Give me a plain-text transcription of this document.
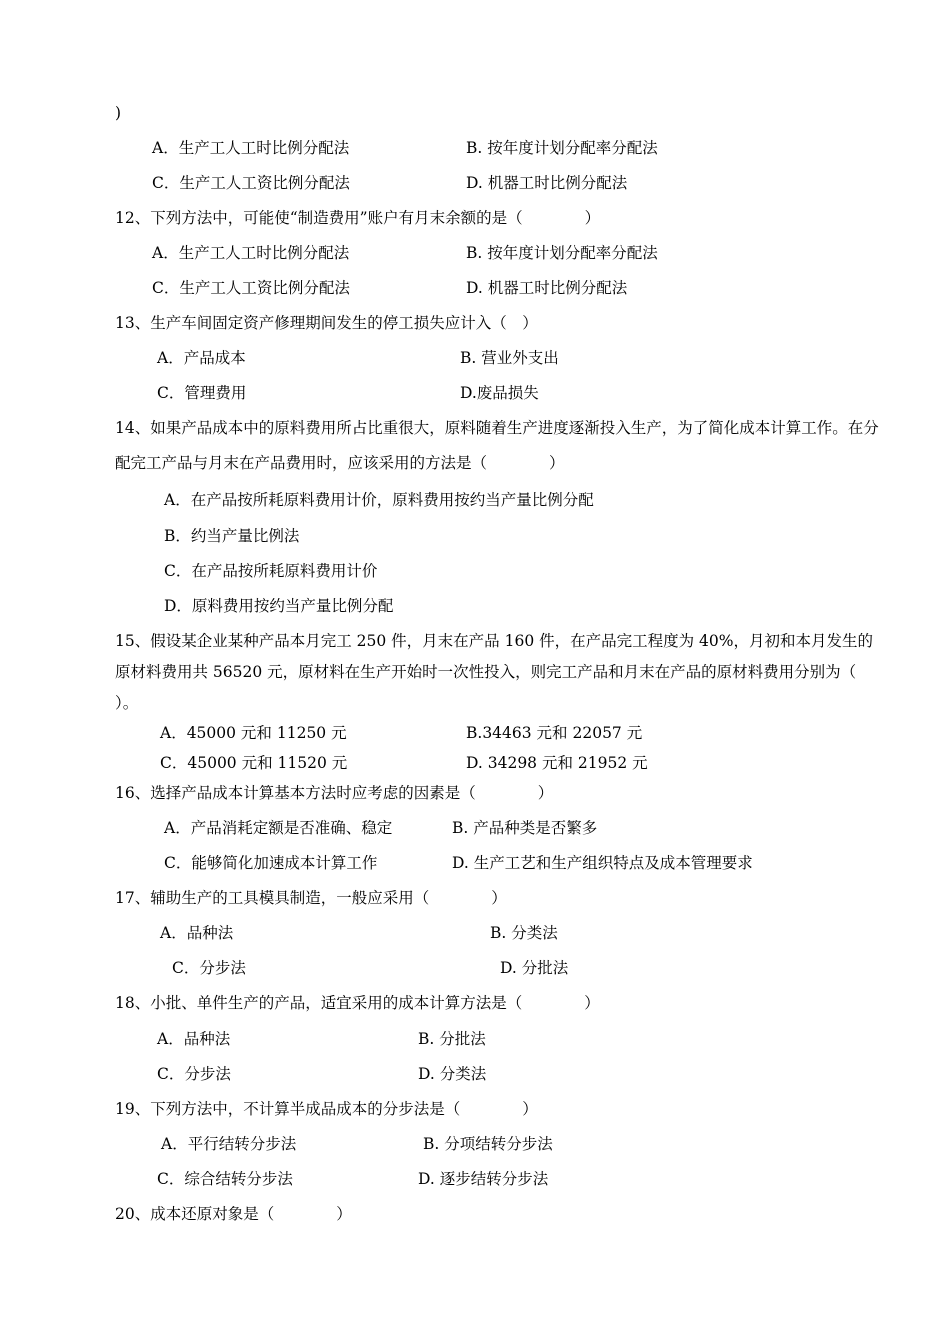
)
A．生产工人工时比例分配法	B. 按年度计划分配率分配法
C．生产工人工资比例分配法	D. 机器工时比例分配法
12、下列方法中，可能使“制造费用”账户有月末余额的是（　　　　）
A．生产工人工时比例分配法	B. 按年度计划分配率分配法
C．生产工人工资比例分配法	D. 机器工时比例分配法
13、生产车间固定资产修理期间发生的停工损失应计入（　）
A．产品成本	B. 营业外支出
C．管理费用	D.废品损失
14、如果产品成本中的原料费用所占比重很大，原料随着生产进度逐渐投入生产，为了简化成本计算工作。在分配完工产品与月末在产品费用时，应该采用的方法是（　　　　）
A．在产品按所耗原料费用计价，原料费用按约当产量比例分配
B．约当产量比例法
C．在产品按所耗原料费用计价
D．原料费用按约当产量比例分配
15、假设某企业某种产品本月完工 250 件，月末在产品 160 件，在产品完工程度为 40%，月初和本月发生的原材料费用共 56520 元，原材料在生产开始时一次性投入，则完工产品和月末在产品的原材料费用分别为（　　　　）。
A．45000 元和 11250 元	B.34463 元和 22057 元
C．45000 元和 11520 元	D. 34298 元和 21952 元
16、选择产品成本计算基本方法时应考虑的因素是（　　　　）
A．产品消耗定额是否准确、稳定	B. 产品种类是否繁多
C．能够简化加速成本计算工作	D. 生产工艺和生产组织特点及成本管理要求
17、辅助生产的工具模具制造，一般应采用（　　　　）
A．品种法	B. 分类法
C．分步法	D. 分批法
18、小批、单件生产的产品，适宜采用的成本计算方法是（　　　　）
A．品种法	B. 分批法
C．分步法	D. 分类法
19、下列方法中，不计算半成品成本的分步法是（　　　　）
A．平行结转分步法	B. 分项结转分步法
C．综合结转分步法	D. 逐步结转分步法
20、成本还原对象是（　　　　）
